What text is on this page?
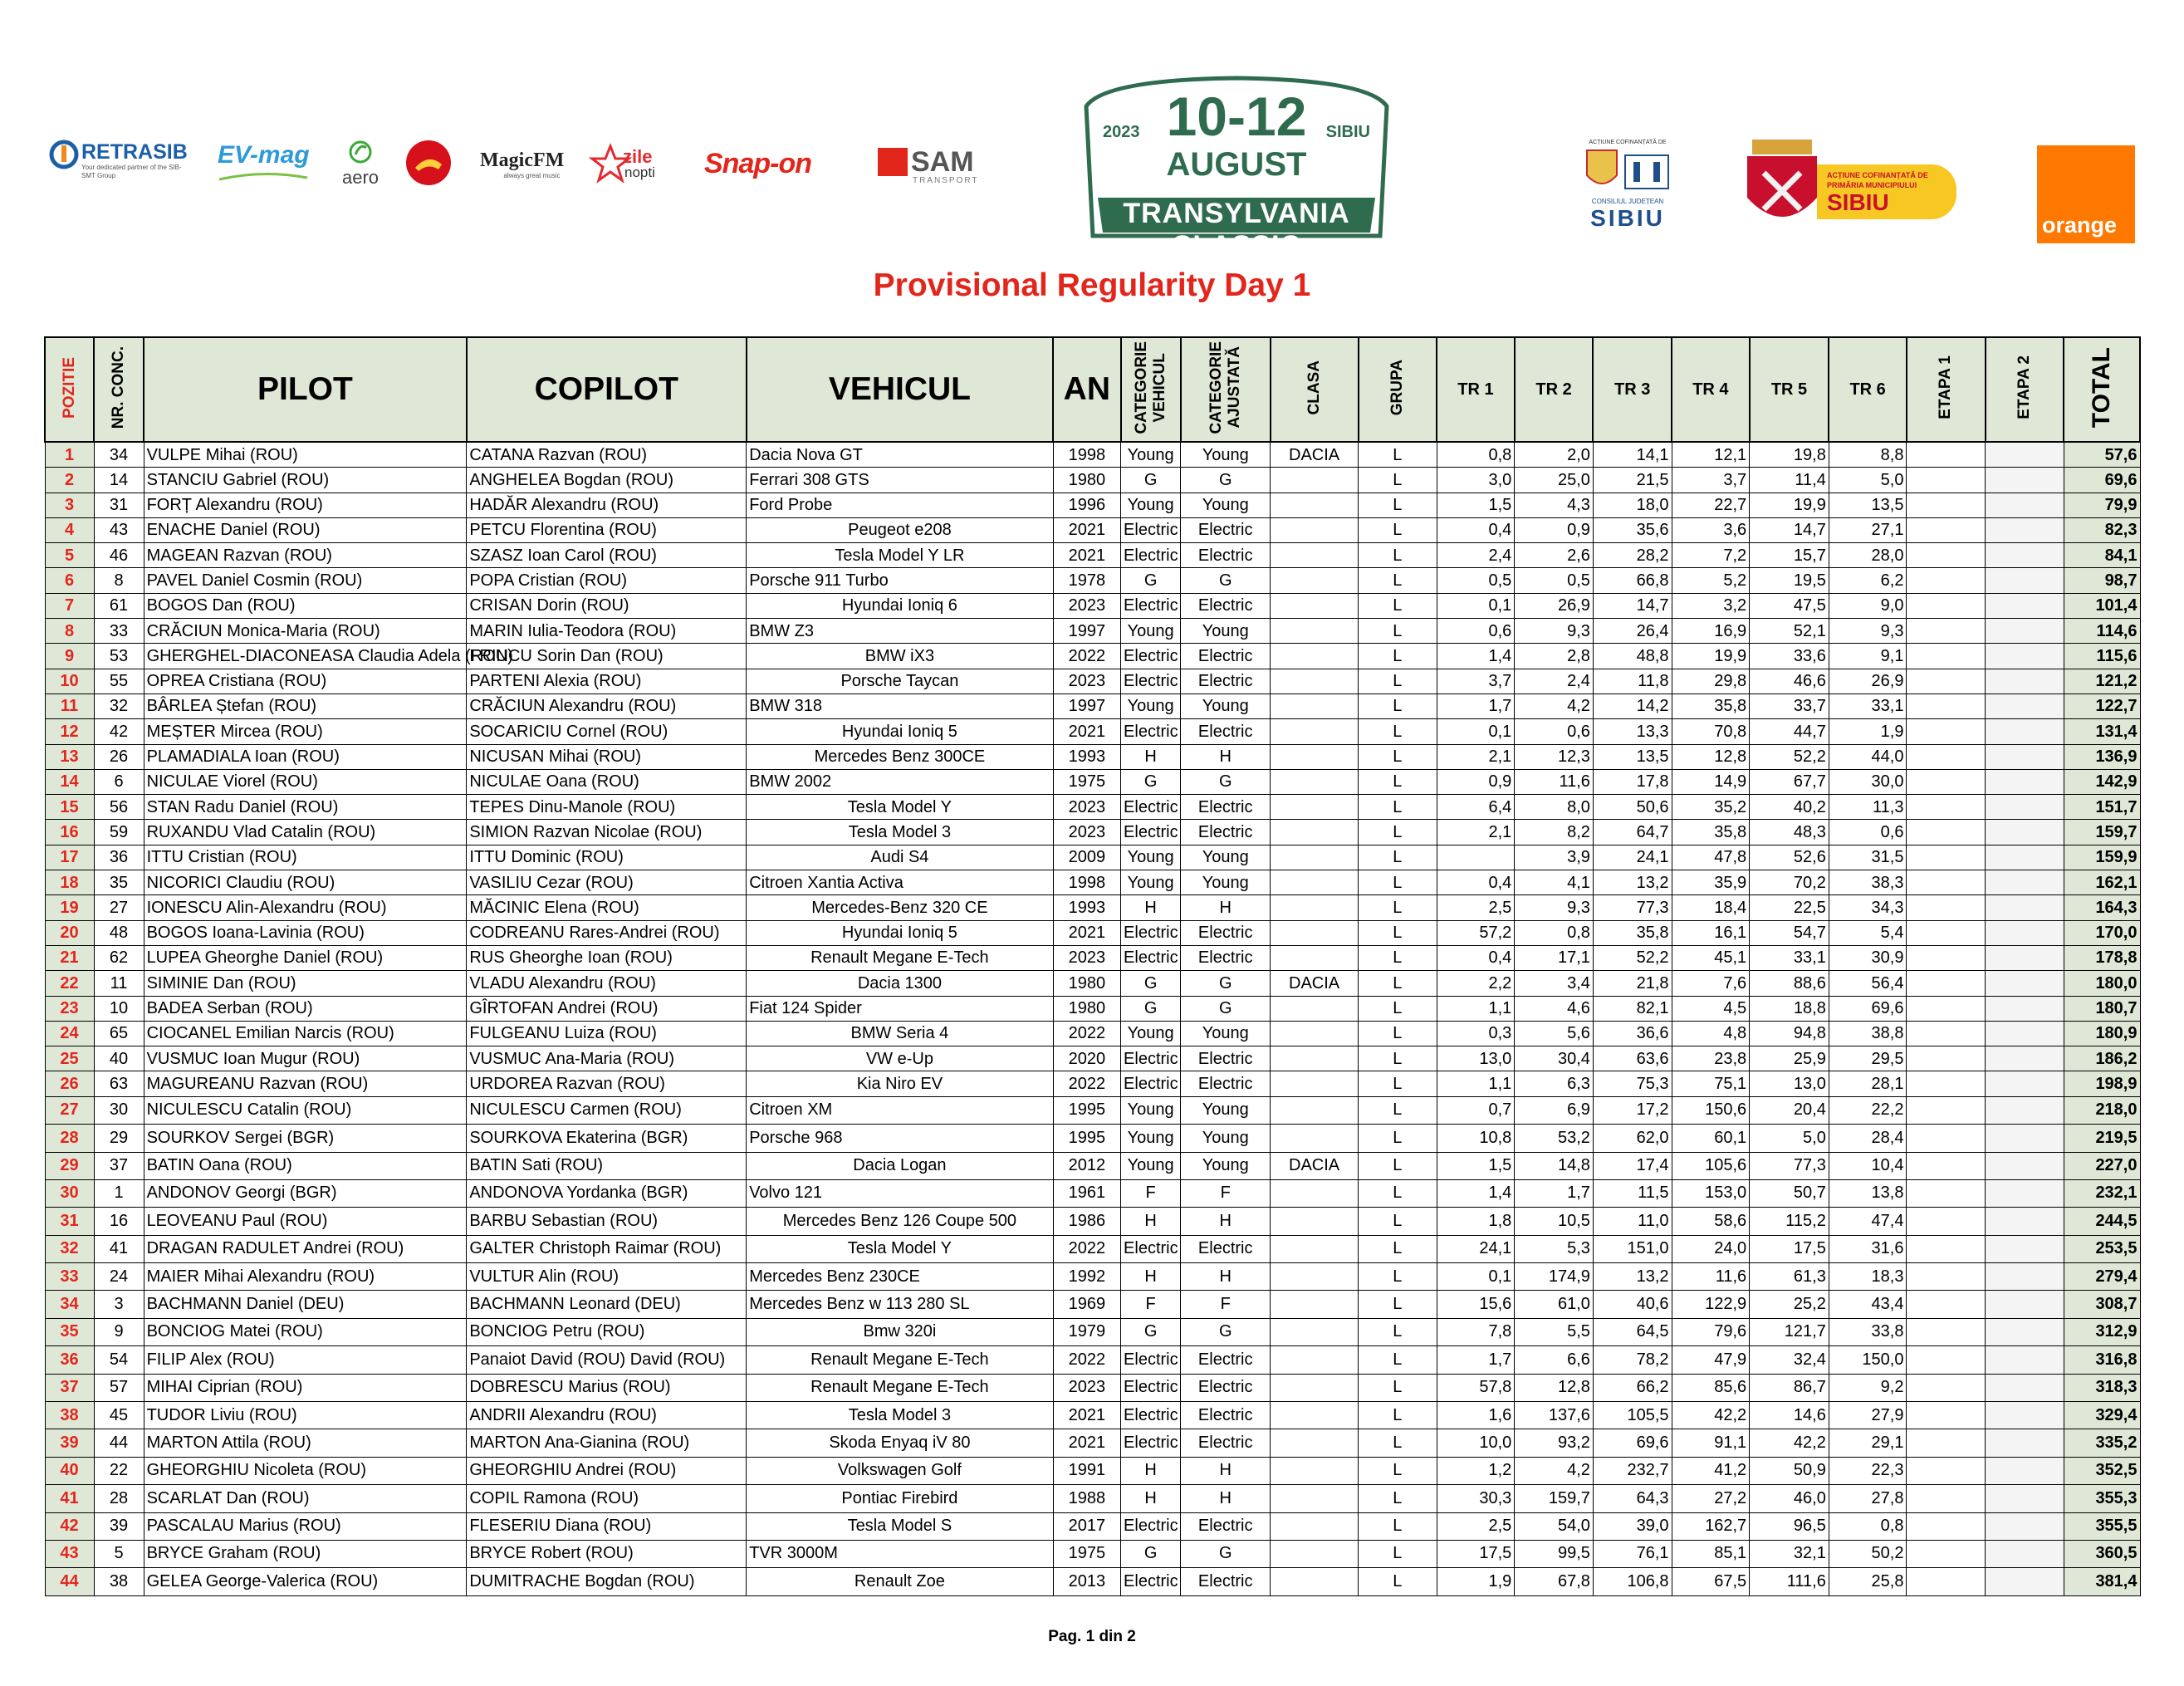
RETRASIB
Your dedicated partner of the SIB-SMT Group
EV-mag
aero
MagicFM
always great music
zile
nopti Snap-on	SAM
TRANSPORT
2023 10-12	SIBIU
AUGUST
TRANSYLVANIA CLASSIC
ACȚIUNE COFINANȚATĂ DE
CONSILIUL JUDEȚEAN
SIBIU
ACȚIUNE COFINANȚATĂ DE
PRIMĂRIA MUNICIPIULUI
SIBIU
orange
Provisional Regularity Day 1
POZITIE	NR. CONC.	PILOT	COPILOT	VEHICUL	AN	CATEGORIE
VEHICUL	CATEGORIE
AJUSTATĂ	CLASA	GRUPA	TR 1	TR 2	TR 3	TR 4	TR 5	TR 6	ETAPA 1	ETAPA 2	TOTAL
1	34	VULPE Mihai (ROU)	CATANA Razvan (ROU)	Dacia Nova GT	1998	Young	Young	DACIA	L	0,8	2,0	14,1	12,1	19,8	8,8			57,6
2	14	STANCIU Gabriel (ROU)	ANGHELEA Bogdan (ROU)	Ferrari 308 GTS	1980	G	G		L	3,0	25,0	21,5	3,7	11,4	5,0			69,6
3	31	FORȚ Alexandru (ROU)	HADĂR Alexandru (ROU)	Ford Probe	1996	Young	Young		L	1,5	4,3	18,0	22,7	19,9	13,5			79,9
4	43	ENACHE Daniel (ROU)	PETCU Florentina (ROU)	Peugeot e208	2021	Electric	Electric		L	0,4	0,9	35,6	3,6	14,7	27,1			82,3
5	46	MAGEAN Razvan (ROU)	SZASZ Ioan Carol (ROU)	Tesla Model Y LR	2021	Electric	Electric		L	2,4	2,6	28,2	7,2	15,7	28,0			84,1
6	8	PAVEL Daniel Cosmin (ROU)	POPA Cristian (ROU)	Porsche 911 Turbo	1978	G	G		L	0,5	0,5	66,8	5,2	19,5	6,2			98,7
7	61	BOGOS Dan (ROU)	CRISAN Dorin (ROU)	Hyundai Ioniq 6	2023	Electric	Electric		L	0,1	26,9	14,7	3,2	47,5	9,0			101,4
8	33	CRĂCIUN Monica-Maria (ROU)	MARIN Iulia-Teodora (ROU)	BMW Z3	1997	Young	Young		L	0,6	9,3	26,4	16,9	52,1	9,3			114,6
9	53	GHERGHEL-DIACONEASA Claudia Adela (ROU)	FRINCU Sorin Dan (ROU)	BMW iX3	2022	Electric	Electric		L	1,4	2,8	48,8	19,9	33,6	9,1			115,6
10	55	OPREA Cristiana (ROU)	PARTENI Alexia (ROU)	Porsche Taycan	2023	Electric	Electric		L	3,7	2,4	11,8	29,8	46,6	26,9			121,2
11	32	BÂRLEA Ștefan (ROU)	CRĂCIUN Alexandru (ROU)	BMW 318	1997	Young	Young		L	1,7	4,2	14,2	35,8	33,7	33,1			122,7
12	42	MEȘTER Mircea (ROU)	SOCARICIU Cornel (ROU)	Hyundai Ioniq 5	2021	Electric	Electric		L	0,1	0,6	13,3	70,8	44,7	1,9			131,4
13	26	PLAMADIALA Ioan (ROU)	NICUSAN Mihai (ROU)	Mercedes Benz 300CE	1993	H	H		L	2,1	12,3	13,5	12,8	52,2	44,0			136,9
14	6	NICULAE Viorel (ROU)	NICULAE Oana (ROU)	BMW 2002	1975	G	G		L	0,9	11,6	17,8	14,9	67,7	30,0			142,9
15	56	STAN Radu Daniel (ROU)	TEPES Dinu-Manole (ROU)	Tesla Model Y	2023	Electric	Electric		L	6,4	8,0	50,6	35,2	40,2	11,3			151,7
16	59	RUXANDU Vlad Catalin (ROU)	SIMION Razvan Nicolae (ROU)	Tesla Model 3	2023	Electric	Electric		L	2,1	8,2	64,7	35,8	48,3	0,6			159,7
17	36	ITTU Cristian (ROU)	ITTU Dominic (ROU)	Audi S4	2009	Young	Young		L		3,9	24,1	47,8	52,6	31,5			159,9
18	35	NICORICI Claudiu (ROU)	VASILIU Cezar (ROU)	Citroen Xantia Activa	1998	Young	Young		L	0,4	4,1	13,2	35,9	70,2	38,3			162,1
19	27	IONESCU Alin-Alexandru (ROU)	MĂCINIC Elena (ROU)	Mercedes-Benz 320 CE	1993	H	H		L	2,5	9,3	77,3	18,4	22,5	34,3			164,3
20	48	BOGOS Ioana-Lavinia (ROU)	CODREANU Rares-Andrei (ROU)	Hyundai Ioniq 5	2021	Electric	Electric		L	57,2	0,8	35,8	16,1	54,7	5,4			170,0
21	62	LUPEA Gheorghe Daniel (ROU)	RUS Gheorghe Ioan (ROU)	Renault Megane E-Tech	2023	Electric	Electric		L	0,4	17,1	52,2	45,1	33,1	30,9			178,8
22	11	SIMINIE Dan (ROU)	VLADU Alexandru (ROU)	Dacia 1300	1980	G	G	DACIA	L	2,2	3,4	21,8	7,6	88,6	56,4			180,0
23	10	BADEA Serban (ROU)	GÎRTOFAN Andrei (ROU)	Fiat 124 Spider	1980	G	G		L	1,1	4,6	82,1	4,5	18,8	69,6			180,7
24	65	CIOCANEL Emilian Narcis (ROU)	FULGEANU Luiza (ROU)	BMW Seria 4	2022	Young	Young		L	0,3	5,6	36,6	4,8	94,8	38,8			180,9
25	40	VUSMUC Ioan Mugur (ROU)	VUSMUC Ana-Maria (ROU)	VW e-Up	2020	Electric	Electric		L	13,0	30,4	63,6	23,8	25,9	29,5			186,2
26	63	MAGUREANU Razvan (ROU)	URDOREA Razvan (ROU)	Kia Niro EV	2022	Electric	Electric		L	1,1	6,3	75,3	75,1	13,0	28,1			198,9
27	30	NICULESCU Catalin (ROU)	NICULESCU Carmen (ROU)	Citroen XM	1995	Young	Young		L	0,7	6,9	17,2	150,6	20,4	22,2			218,0
28	29	SOURKOV Sergei (BGR)	SOURKOVA Ekaterina (BGR)	Porsche 968	1995	Young	Young		L	10,8	53,2	62,0	60,1	5,0	28,4			219,5
29	37	BATIN Oana (ROU)	BATIN Sati (ROU)	Dacia Logan	2012	Young	Young	DACIA	L	1,5	14,8	17,4	105,6	77,3	10,4			227,0
30	1	ANDONOV Georgi (BGR)	ANDONOVA Yordanka (BGR)	Volvo 121	1961	F	F		L	1,4	1,7	11,5	153,0	50,7	13,8			232,1
31	16	LEOVEANU Paul (ROU)	BARBU Sebastian (ROU)	Mercedes Benz 126 Coupe 500	1986	H	H		L	1,8	10,5	11,0	58,6	115,2	47,4			244,5
32	41	DRAGAN RADULET Andrei (ROU)	GALTER Christoph Raimar (ROU)	Tesla Model Y	2022	Electric	Electric		L	24,1	5,3	151,0	24,0	17,5	31,6			253,5
33	24	MAIER Mihai Alexandru (ROU)	VULTUR Alin (ROU)	Mercedes Benz 230CE	1992	H	H		L	0,1	174,9	13,2	11,6	61,3	18,3			279,4
34	3	BACHMANN Daniel (DEU)	BACHMANN Leonard (DEU)	Mercedes Benz w 113 280 SL	1969	F	F		L	15,6	61,0	40,6	122,9	25,2	43,4			308,7
35	9	BONCIOG Matei (ROU)	BONCIOG Petru (ROU)	Bmw 320i	1979	G	G		L	7,8	5,5	64,5	79,6	121,7	33,8			312,9
36	54	FILIP Alex (ROU)	Panaiot David (ROU) David (ROU)	Renault Megane E-Tech	2022	Electric	Electric		L	1,7	6,6	78,2	47,9	32,4	150,0			316,8
37	57	MIHAI Ciprian (ROU)	DOBRESCU Marius (ROU)	Renault Megane E-Tech	2023	Electric	Electric		L	57,8	12,8	66,2	85,6	86,7	9,2			318,3
38	45	TUDOR Liviu (ROU)	ANDRII Alexandru (ROU)	Tesla Model 3	2021	Electric	Electric		L	1,6	137,6	105,5	42,2	14,6	27,9			329,4
39	44	MARTON Attila (ROU)	MARTON Ana-Gianina (ROU)	Skoda Enyaq iV 80	2021	Electric	Electric		L	10,0	93,2	69,6	91,1	42,2	29,1			335,2
40	22	GHEORGHIU Nicoleta (ROU)	GHEORGHIU Andrei (ROU)	Volkswagen Golf	1991	H	H		L	1,2	4,2	232,7	41,2	50,9	22,3			352,5
41	28	SCARLAT Dan (ROU)	COPIL Ramona (ROU)	Pontiac Firebird	1988	H	H		L	30,3	159,7	64,3	27,2	46,0	27,8			355,3
42	39	PASCALAU Marius (ROU)	FLESERIU Diana (ROU)	Tesla Model S	2017	Electric	Electric		L	2,5	54,0	39,0	162,7	96,5	0,8			355,5
43	5	BRYCE Graham (ROU)	BRYCE Robert (ROU)	TVR 3000M	1975	G	G		L	17,5	99,5	76,1	85,1	32,1	50,2			360,5
44	38	GELEA George-Valerica (ROU)	DUMITRACHE Bogdan (ROU)	Renault Zoe	2013	Electric	Electric		L	1,9	67,8	106,8	67,5	111,6	25,8			381,4
Pag. 1 din 2
